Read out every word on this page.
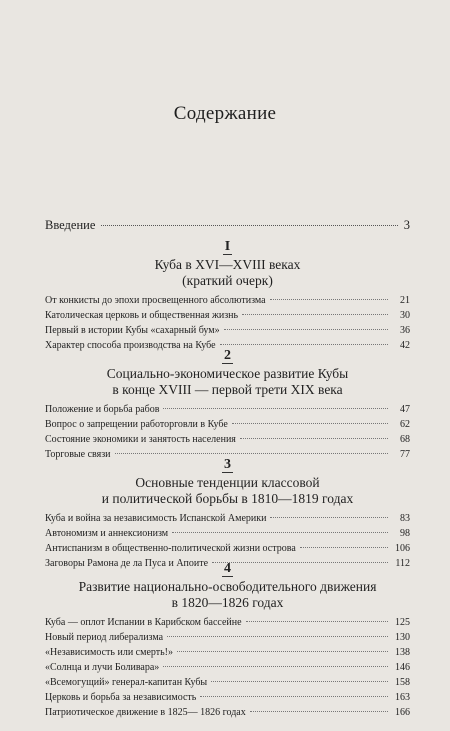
Содержание
Введение	3
I
Куба в XVI—XVIII веках
(краткий очерк)
От конкисты до эпохи просвещенного абсолютизма	21
Католическая церковь и общественная жизнь	30
Первый в истории Кубы «сахарный бум»	36
Характер способа производства на Кубе	42
2
Социально-экономическое развитие Кубы
в конце XVIII — первой трети XIX века
Положение и борьба рабов	47
Вопрос о запрещении работорговли в Кубе	62
Состояние экономики и занятость населения	68
Торговые связи	77
3
Основные тенденции классовой
и политической борьбы в 1810—1819 годах
Куба и война за независимость Испанской Америки	83
Автономизм и аннексионизм	98
Антиспанизм в общественно-политической жизни острова	106
Заговоры Рамона де ла Пуса и Апоите	112
4
Развитие национально-освободительного движения
в 1820—1826 годах
Куба — оплот Испании в Карибском бассейне	125
Новый период либерализма	130
«Независимость или смерть!»	138
«Солнца и лучи Боливара»	146
«Всемогущий» генерал-капитан Кубы	158
Церковь и борьба за независимость	163
Патриотическое движение в 1825— 1826 годах	166
